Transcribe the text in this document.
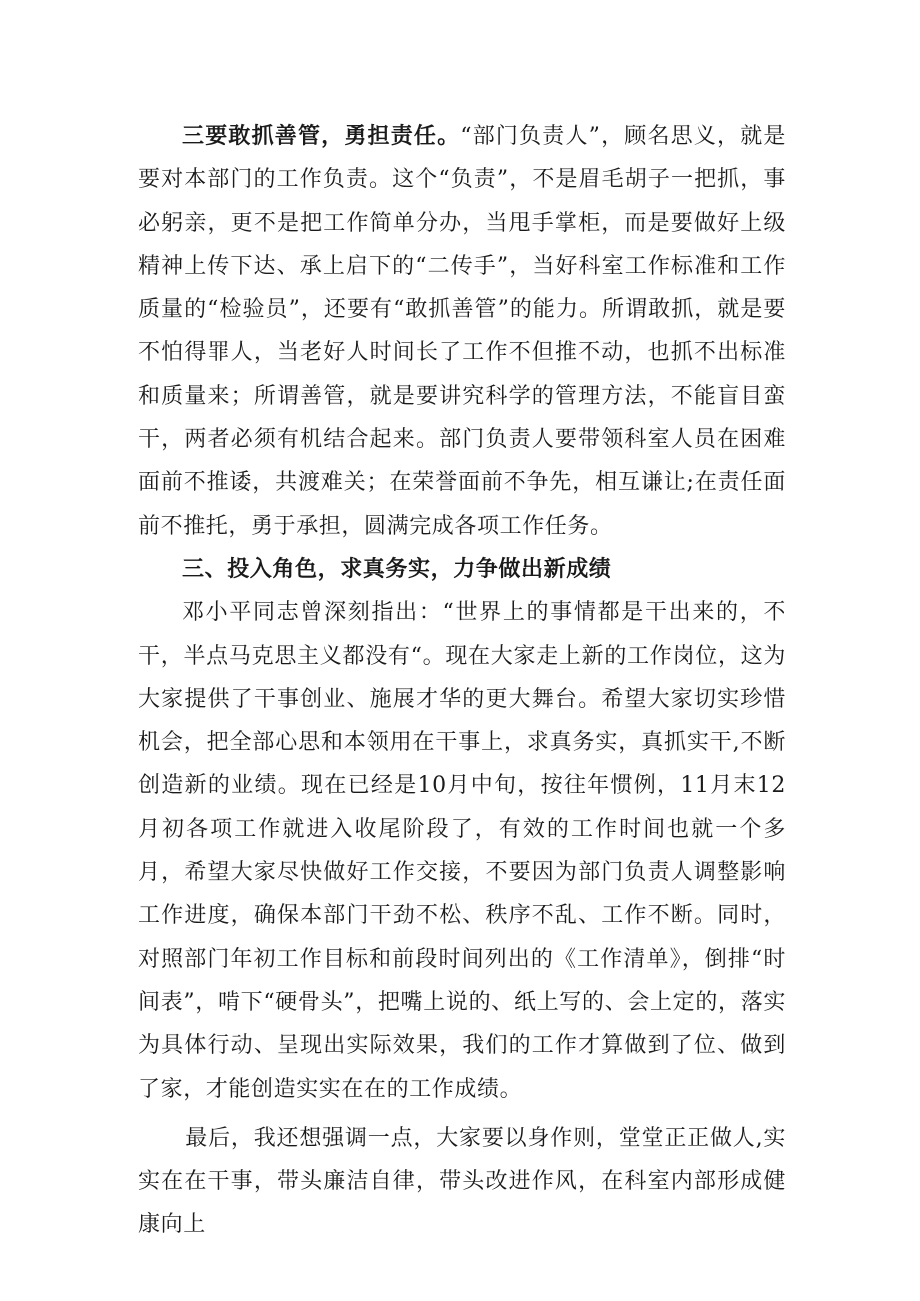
三要敢抓善管，勇担责任。“部门负责人”，顾名思义，就是要对本部门的工作负责。这个“负责”，不是眉毛胡子一把抓，事必躬亲，更不是把工作简单分办，当甩手掌柜，而是要做好上级精神上传下达、承上启下的“二传手”，当好科室工作标准和工作质量的“检验员”，还要有“敢抓善管”的能力。所谓敢抓，就是要不怕得罪人，当老好人时间长了工作不但推不动，也抓不出标准和质量来；所谓善管，就是要讲究科学的管理方法，不能盲目蛮干，两者必须有机结合起来。部门负责人要带领科室人员在困难面前不推诿，共渡难关；在荣誉面前不争先，相互谦让;在责任面前不推托，勇于承担，圆满完成各项工作任务。

三、投入角色，求真务实，力争做出新成绩

邓小平同志曾深刻指出：“世界上的事情都是干出来的，不干，半点马克思主义都没有“。现在大家走上新的工作岗位，这为大家提供了干事创业、施展才华的更大舞台。希望大家切实珍惜机会，把全部心思和本领用在干事上，求真务实，真抓实干,不断创造新的业绩。现在已经是10月中旬，按往年惯例，11月末12月初各项工作就进入收尾阶段了，有效的工作时间也就一个多月，希望大家尽快做好工作交接，不要因为部门负责人调整影响工作进度，确保本部门干劲不松、秩序不乱、工作不断。同时，对照部门年初工作目标和前段时间列出的《工作清单》，倒排“时间表”，啃下“硬骨头”，把嘴上说的、纸上写的、会上定的，落实为具体行动、呈现出实际效果，我们的工作才算做到了位、做到了家，才能创造实实在在的工作成绩。

最后，我还想强调一点，大家要以身作则，堂堂正正做人,实实在在干事，带头廉洁自律，带头改进作风，在科室内部形成健康向上
